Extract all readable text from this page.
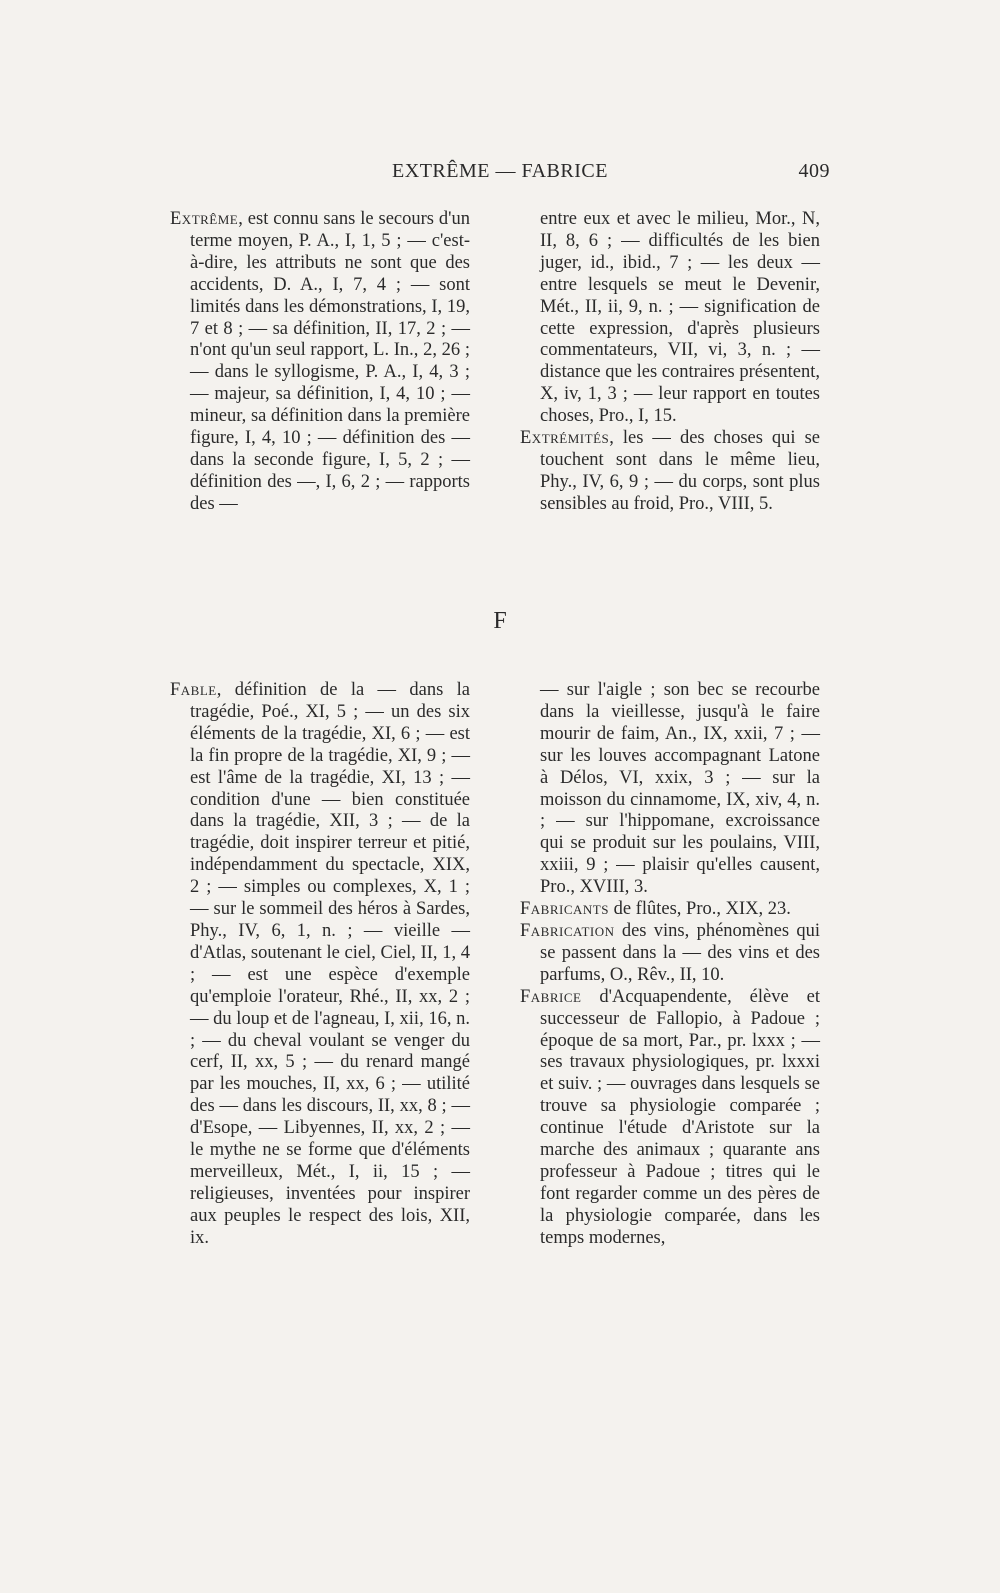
EXTRÊME — FABRICE	409

Extrême, est connu sans le secours d'un terme moyen, P. A., I, 1, 5 ; — c'est-à-dire, les attributs ne sont que des accidents, D. A., I, 7, 4 ; — sont limités dans les démonstrations, I, 19, 7 et 8 ; — sa définition, II, 17, 2 ; — n'ont qu'un seul rapport, L. In., 2, 26 ; — dans le syllogisme, P. A., I, 4, 3 ; — majeur, sa définition, I, 4, 10 ; — mineur, sa définition dans la première figure, I, 4, 10 ; — définition des — dans la seconde figure, I, 5, 2 ; — définition des —, I, 6, 2 ; — rapports des —

entre eux et avec le milieu, Mor., N, II, 8, 6 ; — difficultés de les bien juger, id., ibid., 7 ; — les deux — entre lesquels se meut le Devenir, Mét., II, ii, 9, n. ; — signification de cette expression, d'après plusieurs commentateurs, VII, vi, 3, n. ; — distance que les contraires présentent, X, iv, 1, 3 ; — leur rapport en toutes choses, Pro., I, 15.

Extrémités, les — des choses qui se touchent sont dans le même lieu, Phy., IV, 6, 9 ; — du corps, sont plus sensibles au froid, Pro., VIII, 5.

F

Fable, définition de la — dans la tragédie, Poé., XI, 5 ; — un des six éléments de la tragédie, XI, 6 ; — est la fin propre de la tragédie, XI, 9 ; — est l'âme de la tragédie, XI, 13 ; — condition d'une — bien constituée dans la tragédie, XII, 3 ; — de la tragédie, doit inspirer terreur et pitié, indépendamment du spectacle, XIX, 2 ; — simples ou complexes, X, 1 ; — sur le sommeil des héros à Sardes, Phy., IV, 6, 1, n. ; — vieille — d'Atlas, soutenant le ciel, Ciel, II, 1, 4 ; — est une espèce d'exemple qu'emploie l'orateur, Rhé., II, xx, 2 ; — du loup et de l'agneau, I, xii, 16, n. ; — du cheval voulant se venger du cerf, II, xx, 5 ; — du renard mangé par les mouches, II, xx, 6 ; — utilité des — dans les discours, II, xx, 8 ; — d'Esope, — Libyennes, II, xx, 2 ; — le mythe ne se forme que d'éléments merveilleux, Mét., I, ii, 15 ; — religieuses, inventées pour inspirer aux peuples le respect des lois, XII, ix.

— sur l'aigle ; son bec se recourbe dans la vieillesse, jusqu'à le faire mourir de faim, An., IX, xxii, 7 ; — sur les louves accompagnant Latone à Délos, VI, xxix, 3 ; — sur la moisson du cinnamome, IX, xiv, 4, n. ; — sur l'hippomane, excroissance qui se produit sur les poulains, VIII, xxiii, 9 ; — plaisir qu'elles causent, Pro., XVIII, 3.

Fabricants de flûtes, Pro., XIX, 23.

Fabrication des vins, phénomènes qui se passent dans la — des vins et des parfums, O., Rêv., II, 10.

Fabrice d'Acquapendente, élève et successeur de Fallopio, à Padoue ; époque de sa mort, Par., pr. lxxx ; — ses travaux physiologiques, pr. lxxxi et suiv. ; — ouvrages dans lesquels se trouve sa physiologie comparée ; continue l'étude d'Aristote sur la marche des animaux ; quarante ans professeur à Padoue ; titres qui le font regarder comme un des pères de la physiologie comparée, dans les temps modernes,
